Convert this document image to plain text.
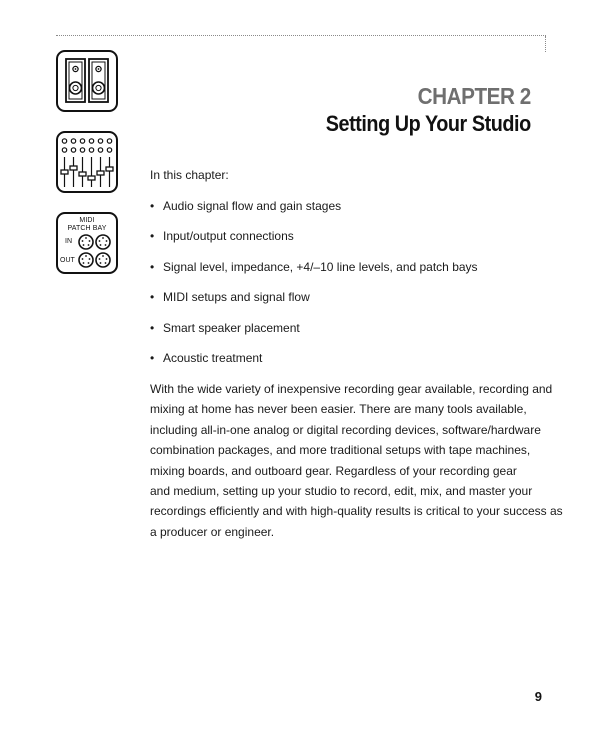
MIDI
PATCH BAY
IN
OUT
CHAPTER 2
Setting Up Your Studio
In this chapter:
• Audio signal flow and gain stages
• Input/output connections
• Signal level, impedance, +4/–10 line levels, and patch bays
• MIDI setups and signal flow
• Smart speaker placement
• Acoustic treatment

With the wide variety of inexpensive recording gear available, recording and
mixing at home has never been easier. There are many tools available,
including all-in-one analog or digital recording devices, software/hardware
combination packages, and more traditional setups with tape machines,
mixing boards, and outboard gear. Regardless of your recording gear
and medium, setting up your studio to record, edit, mix, and master your
recordings efficiently and with high-quality results is critical to your success as
a producer or engineer.

9
